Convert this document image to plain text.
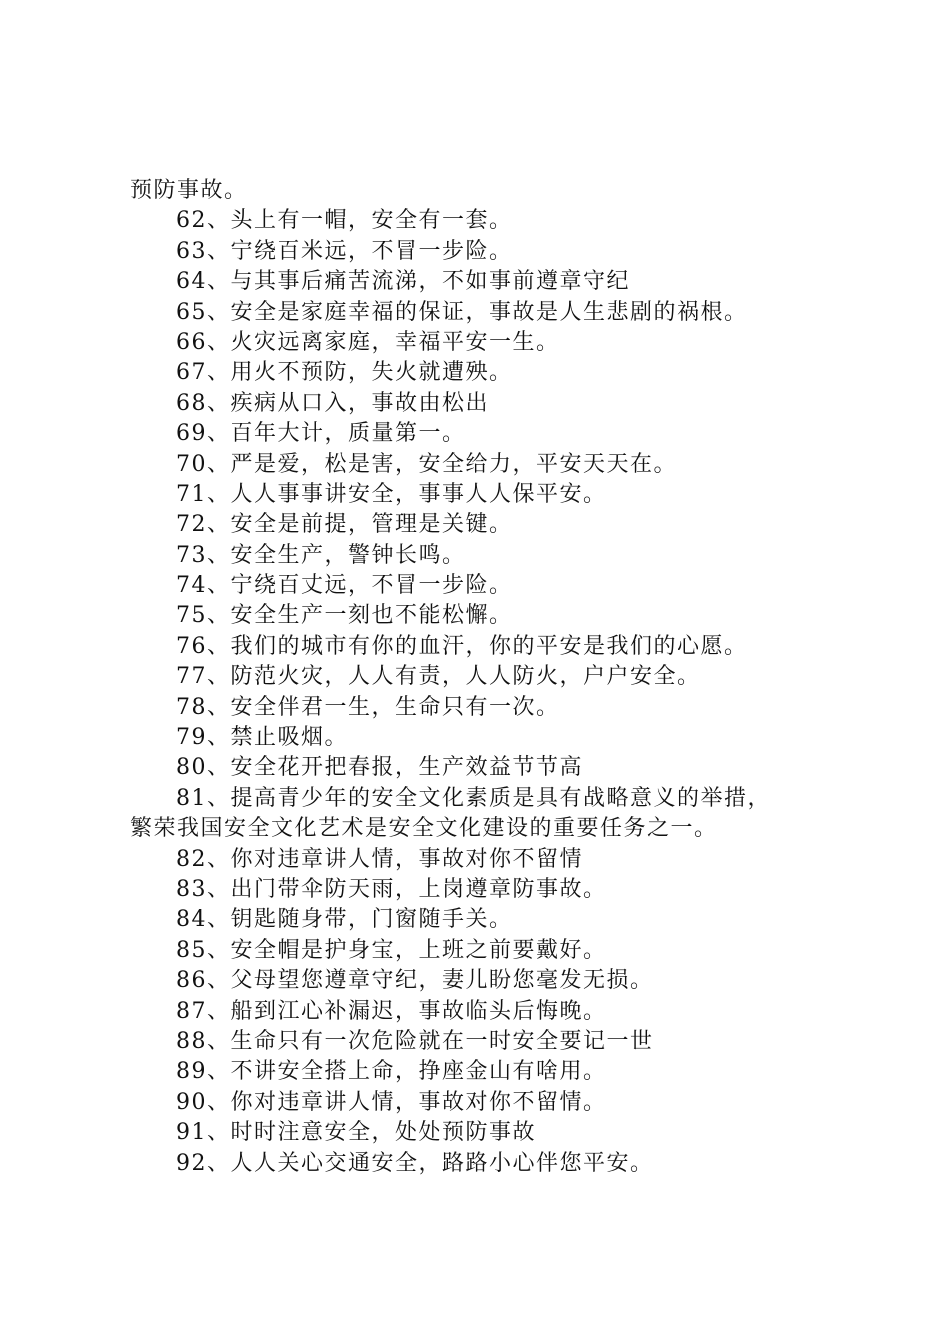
预防事故。
62、头上有一帽，安全有一套。
63、宁绕百米远，不冒一步险。
64、与其事后痛苦流涕，不如事前遵章守纪
65、安全是家庭幸福的保证，事故是人生悲剧的祸根。
66、火灾远离家庭，幸福平安一生。
67、用火不预防，失火就遭殃。
68、疾病从口入，事故由松出
69、百年大计，质量第一。
70、严是爱，松是害，安全给力，平安天天在。
71、人人事事讲安全，事事人人保平安。
72、安全是前提，管理是关键。
73、安全生产，警钟长鸣。
74、宁绕百丈远，不冒一步险。
75、安全生产一刻也不能松懈。
76、我们的城市有你的血汗，你的平安是我们的心愿。
77、防范火灾，人人有责，人人防火，户户安全。
78、安全伴君一生，生命只有一次。
79、禁止吸烟。
80、安全花开把春报，生产效益节节高
81、提高青少年的安全文化素质是具有战略意义的举措，
繁荣我国安全文化艺术是安全文化建设的重要任务之一。
82、你对违章讲人情，事故对你不留情
83、出门带伞防天雨，上岗遵章防事故。
84、钥匙随身带，门窗随手关。
85、安全帽是护身宝，上班之前要戴好。
86、父母望您遵章守纪，妻儿盼您毫发无损。
87、船到江心补漏迟，事故临头后悔晚。
88、生命只有一次危险就在一时安全要记一世
89、不讲安全搭上命，挣座金山有啥用。
90、你对违章讲人情，事故对你不留情。
91、时时注意安全，处处预防事故
92、人人关心交通安全，路路小心伴您平安。
